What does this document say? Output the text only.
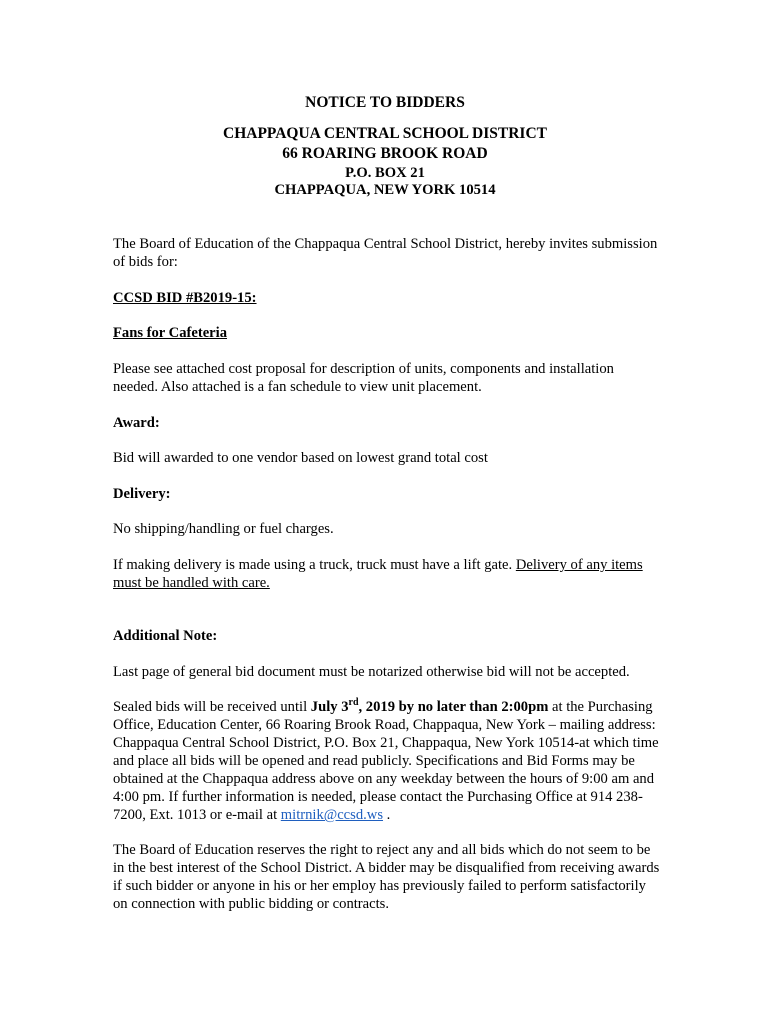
NOTICE TO BIDDERS
CHAPPAQUA CENTRAL SCHOOL DISTRICT
66 ROARING BROOK ROAD
P.O. BOX 21
CHAPPAQUA, NEW YORK 10514

The Board of Education of the Chappaqua Central School District, hereby invites submission of bids for:

CCSD BID #B2019-15:

Fans for Cafeteria

Please see attached cost proposal for description of units, components and installation needed. Also attached is a fan schedule to view unit placement.

Award:

Bid will awarded to one vendor based on lowest grand total cost

Delivery:

No shipping/handling or fuel charges.

If making delivery is made using a truck, truck must have a lift gate. Delivery of any items must be handled with care.

Additional Note:

Last page of general bid document must be notarized otherwise bid will not be accepted.

Sealed bids will be received until July 3rd, 2019 by no later than 2:00pm at the Purchasing Office, Education Center, 66 Roaring Brook Road, Chappaqua, New York – mailing address: Chappaqua Central School District, P.O. Box 21, Chappaqua, New York 10514-at which time and place all bids will be opened and read publicly. Specifications and Bid Forms may be obtained at the Chappaqua address above on any weekday between the hours of 9:00 am and 4:00 pm. If further information is needed, please contact the Purchasing Office at 914 238-7200, Ext. 1013 or e-mail at mitrnik@ccsd.ws .

The Board of Education reserves the right to reject any and all bids which do not seem to be in the best interest of the School District. A bidder may be disqualified from receiving awards if such bidder or anyone in his or her employ has previously failed to perform satisfactorily on connection with public bidding or contracts.
